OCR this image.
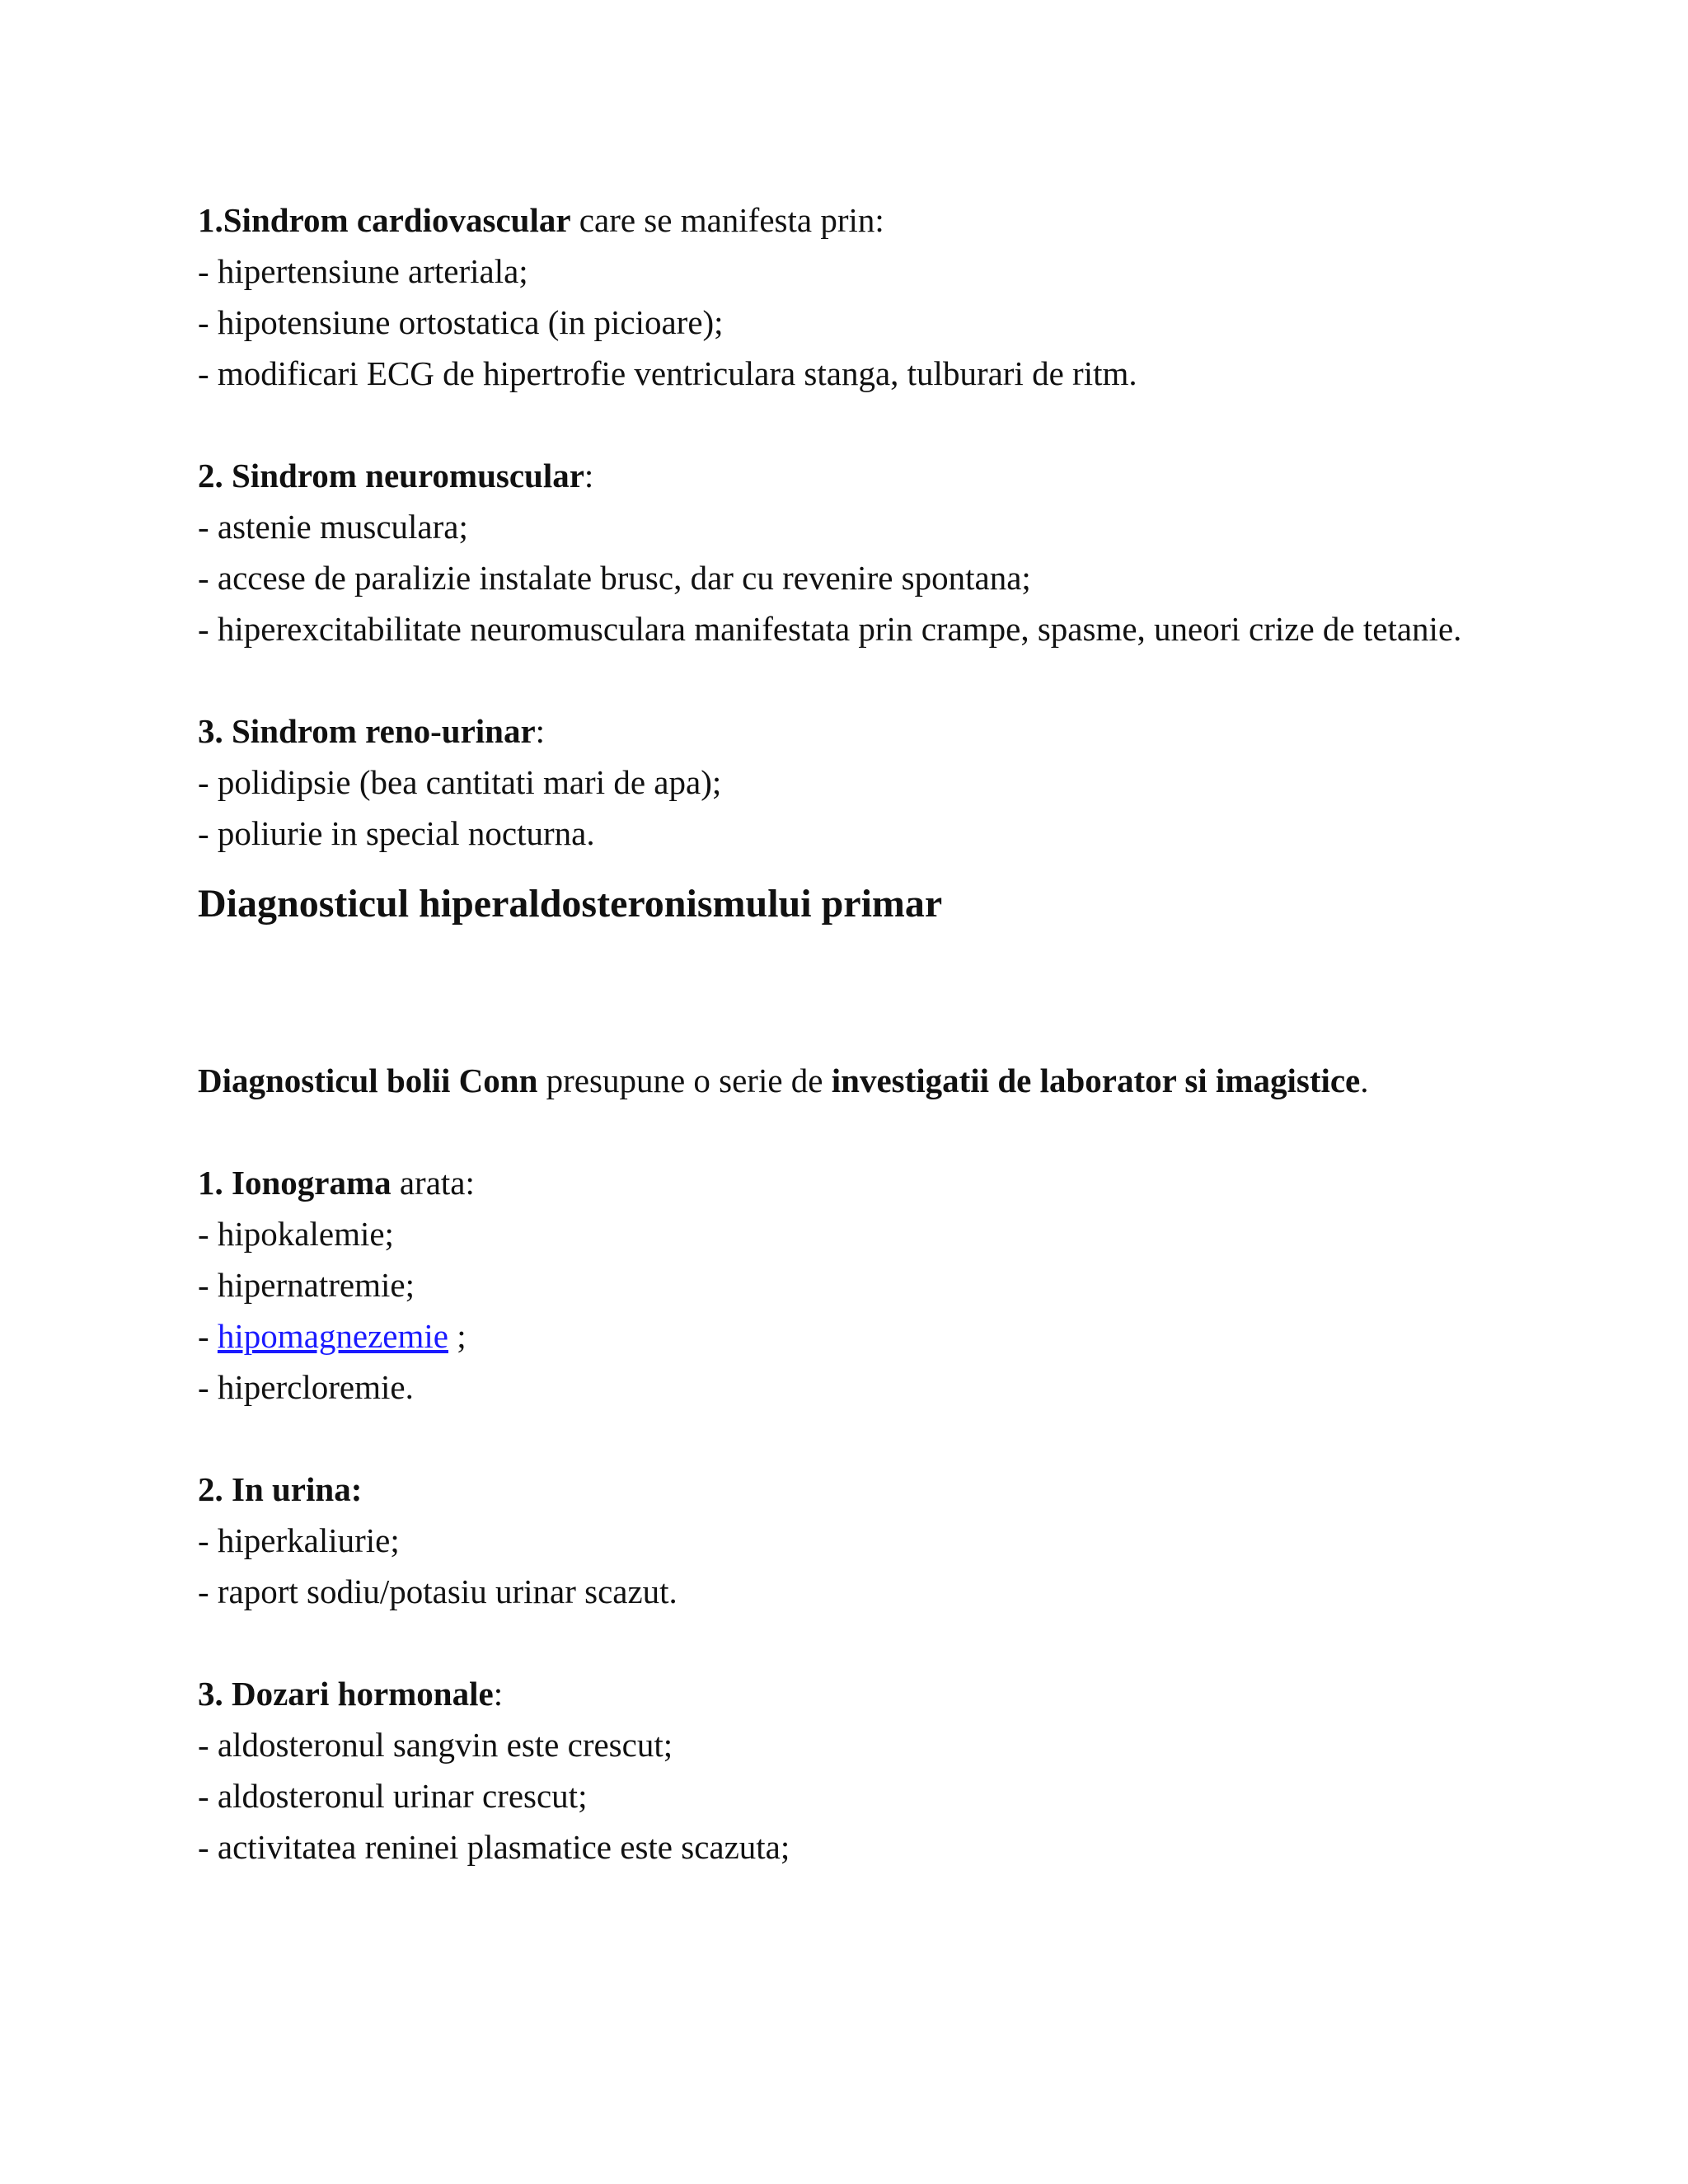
1.Sindrom cardiovascular care se manifesta prin:
- hipertensiune arteriala;
- hipotensiune ortostatica (in picioare);
- modificari ECG de hipertrofie ventriculara stanga, tulburari de ritm.
2. Sindrom neuromuscular:
- astenie musculara;
- accese de paralizie instalate brusc, dar cu revenire spontana;
- hiperexcitabilitate neuromusculara manifestata prin crampe, spasme, uneori crize de tetanie.
3. Sindrom reno-urinar:
- polidipsie (bea cantitati mari de apa);
- poliurie in special nocturna.
Diagnosticul hiperaldosteronismului primar
Diagnosticul bolii Conn presupune o serie de investigatii de laborator si imagistice.
1. Ionograma arata:
- hipokalemie;
- hipernatremie;
- hipomagnezemie ;
- hipercloremie.
2. In urina:
- hiperkaliurie;
- raport sodiu/potasiu urinar scazut.
3. Dozari hormonale:
- aldosteronul sangvin este crescut;
- aldosteronul urinar crescut;
- activitatea reninei plasmatice este scazuta;
